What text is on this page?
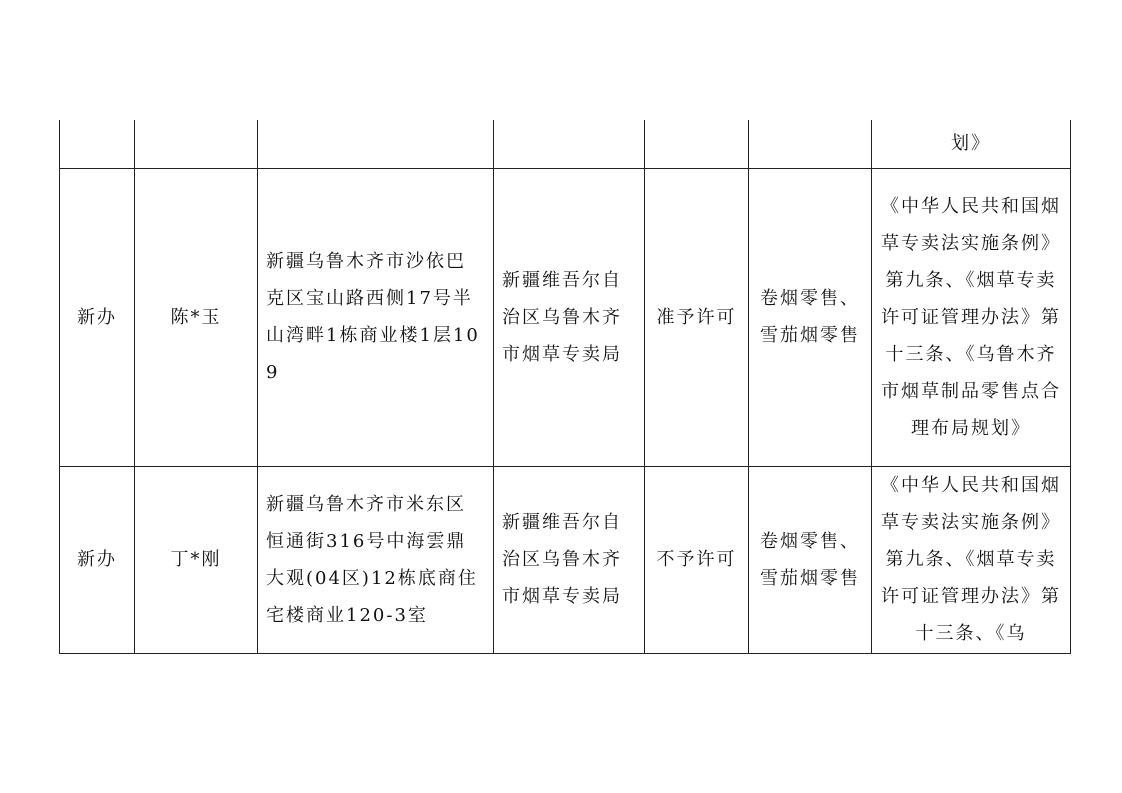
						划》
新办	陈*玉	新疆乌鲁木齐市沙依巴克区宝山路西侧17号半山湾畔1栋商业楼1层109	新疆维吾尔自治区乌鲁木齐市烟草专卖局	准予许可	卷烟零售、雪茄烟零售	《中华人民共和国烟草专卖法实施条例》第九条、《烟草专卖许可证管理办法》第十三条、《乌鲁木齐市烟草制品零售点合理布局规划》

新办	丁*刚	新疆乌鲁木齐市米东区恒通街316号中海雲鼎大观(04区)12栋底商住宅楼商业120-3室	新疆维吾尔自治区乌鲁木齐市烟草专卖局	不予许可	卷烟零售、雪茄烟零售	《中华人民共和国烟草专卖法实施条例》第九条、《烟草专卖许可证管理办法》第十三条、《乌
